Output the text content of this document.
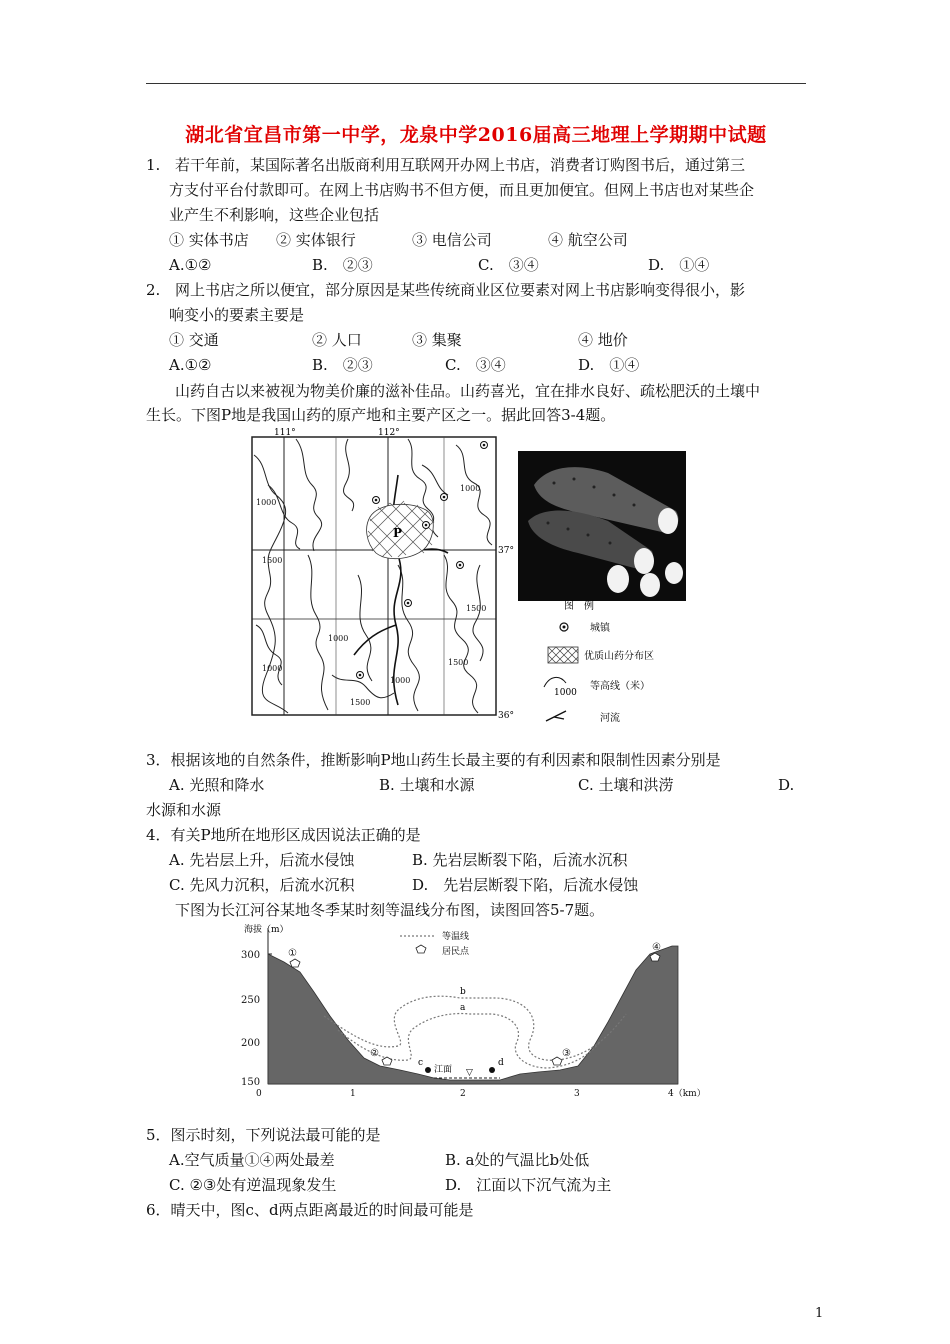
湖北省宜昌市第一中学，龙泉中学2016届高三地理上学期期中试题
1. 若干年前，某国际著名出版商利用互联网开办网上书店，消费者订购图书后，通过第三
方支付平台付款即可。在网上书店购书不但方便，而且更加便宜。但网上书店也对某些企
业产生不利影响，这些企业包括
① 实体书店 ② 实体银行	③ 电信公司	④ 航空公司
A.①②	B.　②③	C.　③④	D.　①④
2. 网上书店之所以便宜，部分原因是某些传统商业区位要素对网上书店影响变得很小，影
响变小的要素主要是
① 交通	② 人口	③ 集聚	④ 地价
A.①②	B.　②③	C.　③④	D.　①④
山药自古以来被视为物美价廉的滋补佳品。山药喜光，宜在排水良好、疏松肥沃的土壤中
生长。下图P地是我国山药的原产地和主要产区之一。据此回答3-4题。
111°	112°
37°
36°
P
1000
1500
1000
1000
1500
1000
1500
1000
1500
图　例
城镇
优质山药分布区
1000
等高线（米）
河流
3．根据该地的自然条件，推断影响P地山药生长最主要的有利因素和限制性因素分别是
A. 光照和降水	B. 土壤和水源	C. 土壤和洪涝	D.
水源和水源
4．有关P地所在地形区成因说法正确的是
A. 先岩层上升，后流水侵蚀	B. 先岩层断裂下陷，后流水沉积
C. 先风力沉积，后流水沉积	D.　先岩层断裂下陷，后流水侵蚀
下图为长江河谷某地冬季某时刻等温线分布图，读图回答5-7题。
海拔（m）
300
250
200
150
0	1	2	3	4（km）
江面 ▽
b
a
等温线
居民点
①
②	③
④
c	d
5．图示时刻，下列说法最可能的是
A.空气质量①④两处最差	B. a处的气温比b处低
C. ②③处有逆温现象发生	D.　江面以下沉气流为主
6．晴天中，图c、d两点距离最近的时间最可能是
1
